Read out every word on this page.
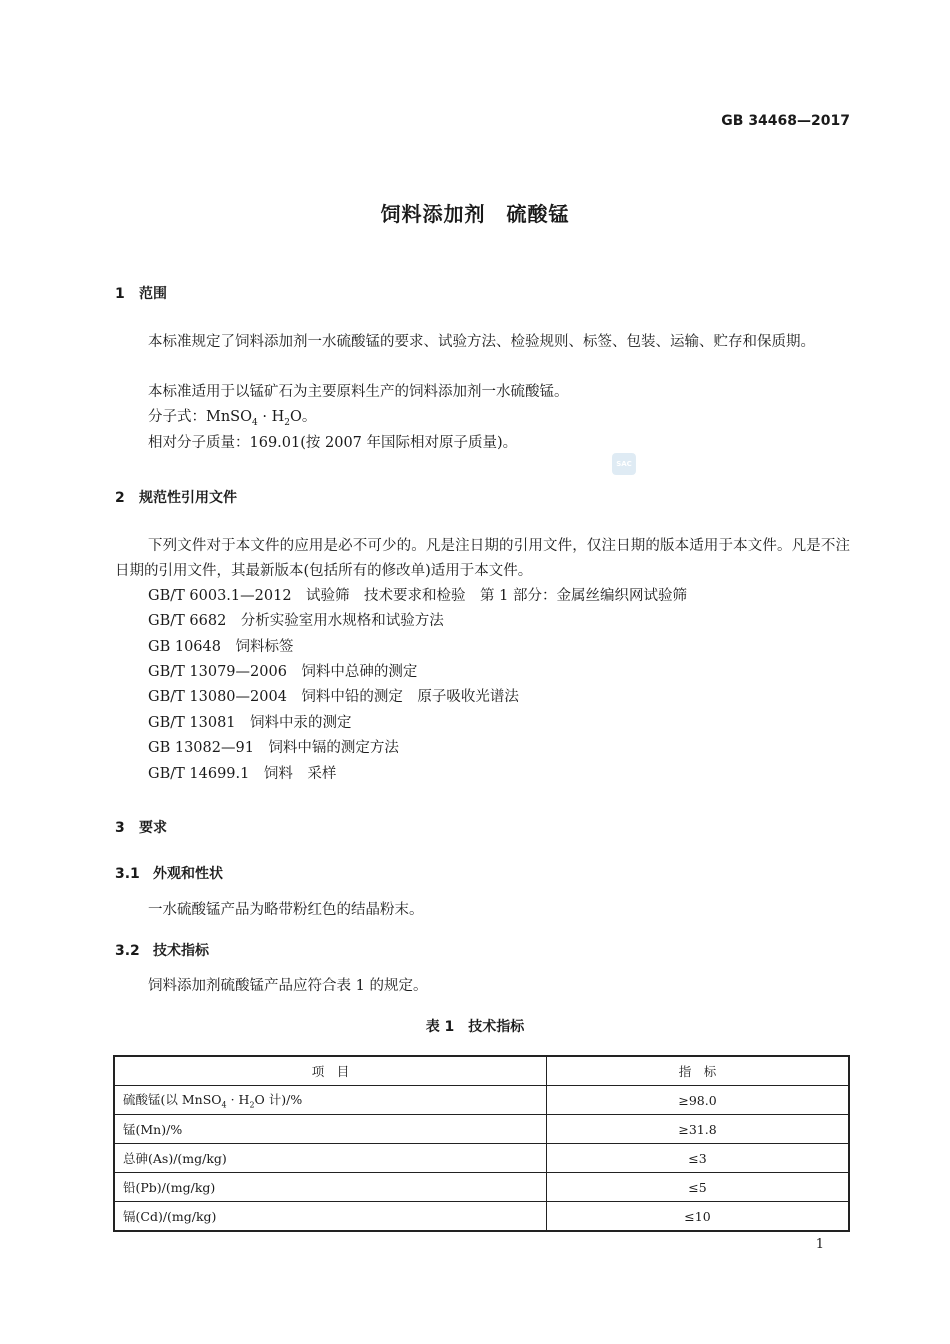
GB 34468—2017
饲料添加剂　硫酸锰
1 范围
本标准规定了饲料添加剂一水硫酸锰的要求、试验方法、检验规则、标签、包装、运输、贮存和保质期。
本标准适用于以锰矿石为主要原料生产的饲料添加剂一水硫酸锰。
分子式：MnSO$_4$ · $H_2O$。
相对分子质量：169.01(按 2007 年国际相对原子质量)。
SAC
2 规范性引用文件
下列文件对于本文件的应用是必不可少的。凡是注日期的引用文件，仅注日期的版本适用于本文件。凡是不注日期的引用文件，其最新版本(包括所有的修改单)适用于本文件。
GB/T 6003.1—2012　试验筛　技术要求和检验　第 1 部分：金属丝编织网试验筛
GB/T 6682　分析实验室用水规格和试验方法
GB 10648　饲料标签
GB/T 13079—2006　饲料中总砷的测定
GB/T 13080—2004　饲料中铅的测定　原子吸收光谱法
GB/T 13081　饲料中汞的测定
GB 13082—91　饲料中镉的测定方法
GB/T 14699.1　饲料　采样
3 要求
3.1 外观和性状
一水硫酸锰产品为略带粉红色的结晶粉末。
3.2 技术指标
饲料添加剂硫酸锰产品应符合表 1 的规定。
表 1　技术指标
项　目	指　标
硫酸锰(以 MnSO$_4$ · $H_2O$ 计)/%	≥98.0
锰(Mn)/%	≥31.8
总砷(As)/(mg/kg)	≤3
铅(Pb)/(mg/kg)	≤5
镉(Cd)/(mg/kg)	≤10
1
